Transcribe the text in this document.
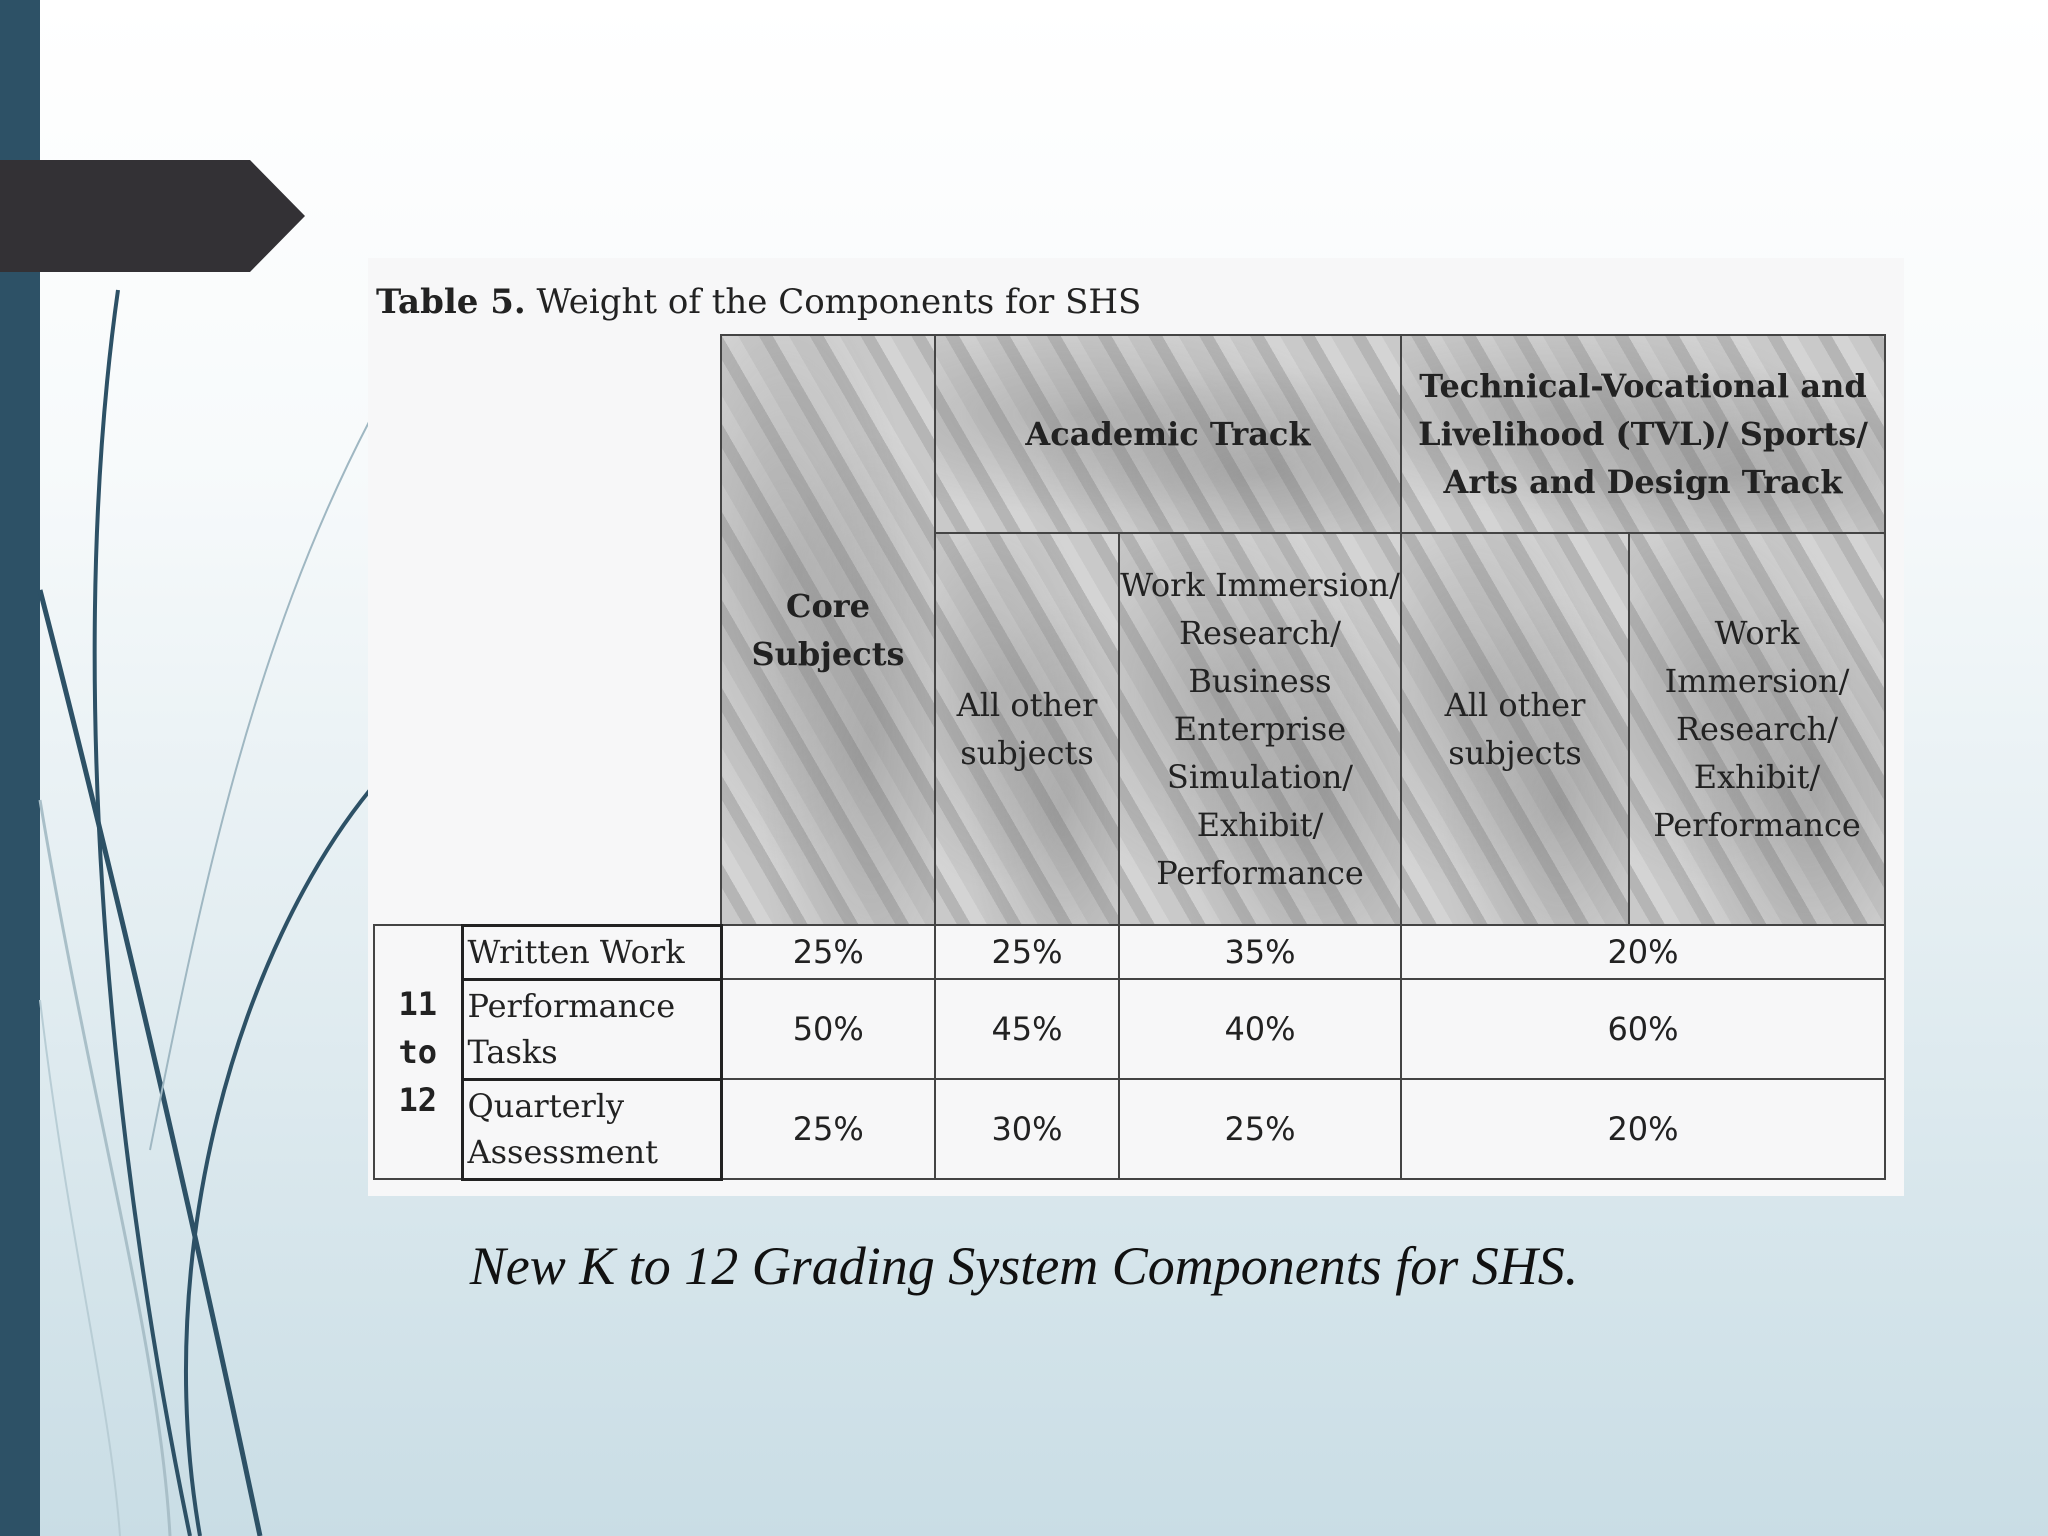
Table 5. Weight of the Components for SHS
		Core Subjects	Academic Track		Technical-Vocational and Livelihood (TVL)/ Sports/ Arts and Design Track	
			All other subjects	Work Immersion/ Research/ Business Enterprise Simulation/ Exhibit/ Performance	All other subjects	Work Immersion/ Research/ Exhibit/ Performance

11
to
12	Written Work	25%	25%	35%	20%	
	Performance Tasks	50%	45%	40%	60%	
	Quarterly Assessment	25%	30%	25%	20%	
New K to 12 Grading System Components for SHS.
